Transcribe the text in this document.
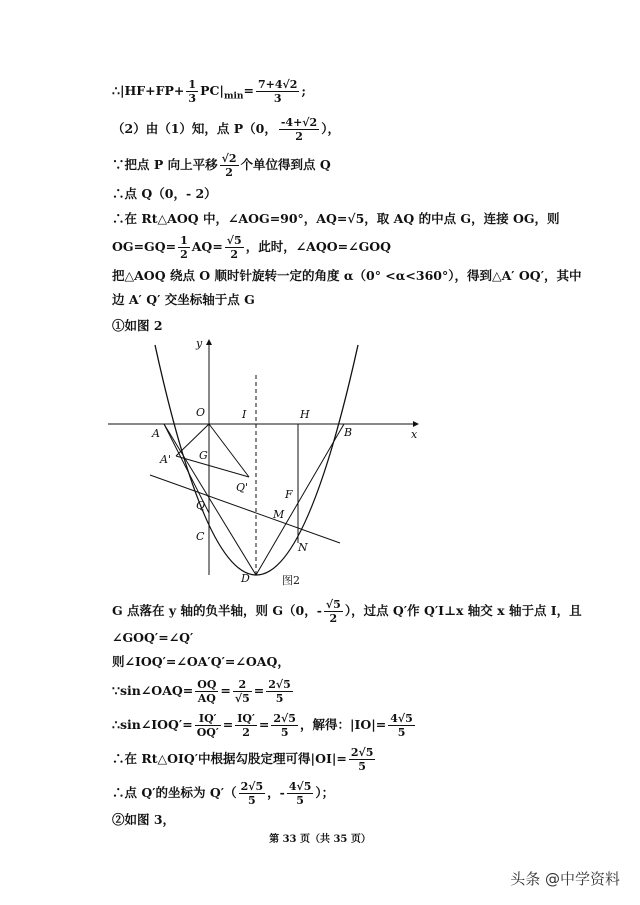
∴|HF+FP+ $\frac{1}{3} PC|_{min}= \frac{7+4√2}{3}$ ;
（2）由（1）知，点 P（0， $\frac{-4+√2}{2}$ ），
∵把点 P 向上平移 $\frac{√2}{2}$ 个单位得到点 Q
∴点 Q（0，- 2）
∴在 Rt△AOQ 中，∠AOG=90°，AQ=√5，取 AQ 的中点 G，连接 OG，则
$OG=GQ= \frac{1}{2} AQ= \frac{√5}{2}$ ，此时，∠AQO=∠GOQ
把△AOQ 绕点 O 顺时针旋转一定的角度 α（0° <α<360°），得到△A′ OQ′，其中
边 A′ Q′ 交坐标轴于点 G
①如图 2
y
x
O	I	H
A	B
A'	G
Q'
F
Q
M
C
N
D	图2
G 点落在 y 轴的负半轴，则 G（0，- $\frac{√5}{2}$ ），过点 Q′作 Q′I⊥x 轴交 x 轴于点 I，且
∠GOQ′=∠Q′
则∠IOQ′=∠OA′Q′=∠OAQ，
∵sin∠OAQ= $\frac{OQ}{AQ} = \frac{2}{√5} = \frac{2√5}{5}$
∴sin∠IOQ′= $\frac{IQ'}{OQ'} = \frac{IQ'}{2} = \frac{2√5}{5}$ ，解得：$|IO|= \frac{4√5}{5}$
∴在 Rt△OIQ′中根据勾股定理可得$|OI|= \frac{2√5}{5}$
∴点 Q′的坐标为 $Q'( \frac{2√5}{5}$ ，- $\frac{4√5}{5}$ ）；
②如图 3，
第 33 页（共 35 页）
头条 @中学资料
